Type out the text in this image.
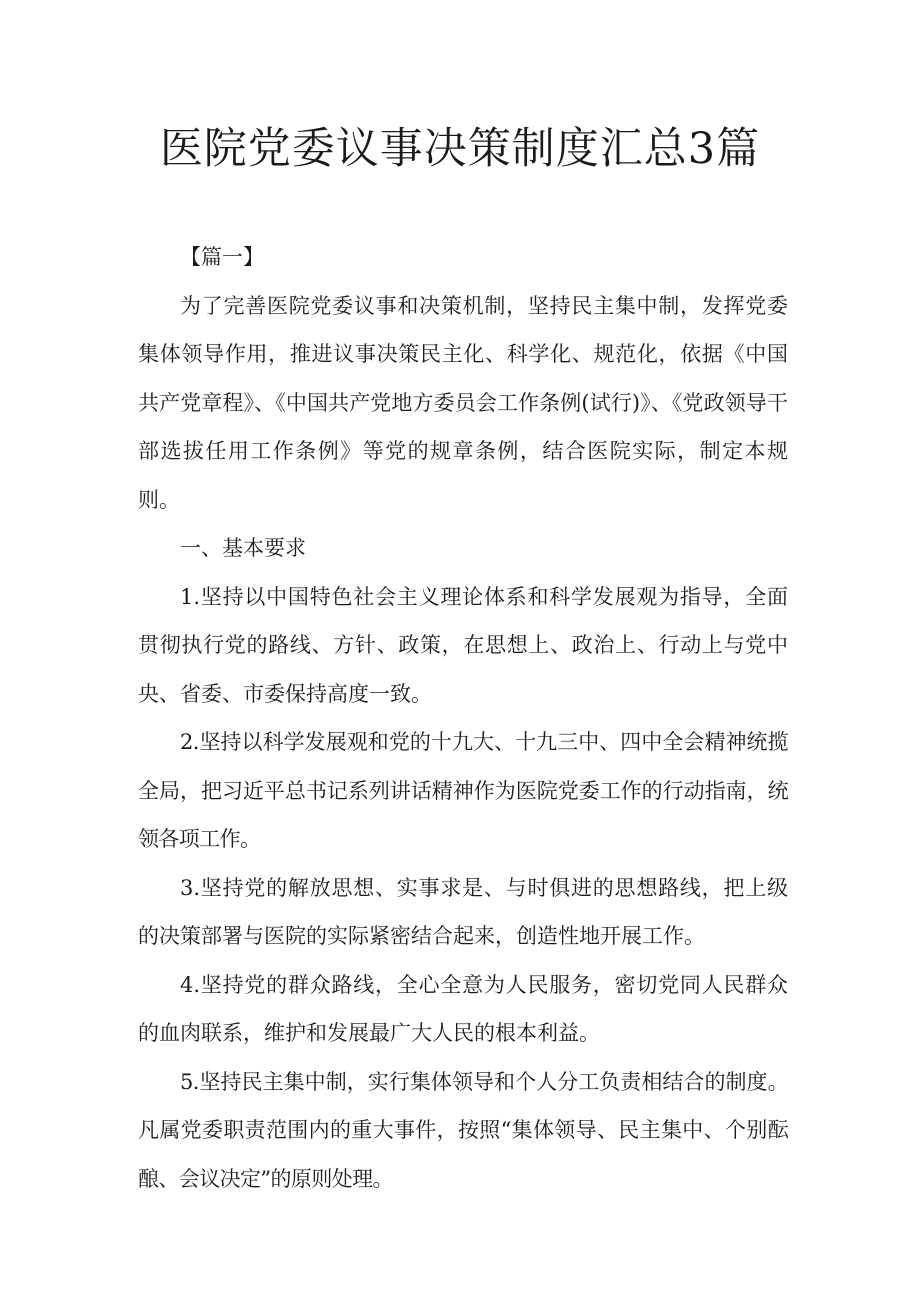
医院党委议事决策制度汇总3篇

【篇一】

为了完善医院党委议事和决策机制，坚持民主集中制，发挥党委集体领导作用，推进议事决策民主化、科学化、规范化，依据《中国共产党章程》、《中国共产党地方委员会工作条例(试行)》、《党政领导干部选拔任用工作条例》等党的规章条例，结合医院实际，制定本规则。

一、基本要求

1.坚持以中国特色社会主义理论体系和科学发展观为指导，全面贯彻执行党的路线、方针、政策，在思想上、政治上、行动上与党中央、省委、市委保持高度一致。

2.坚持以科学发展观和党的十九大、十九三中、四中全会精神统揽全局，把习近平总书记系列讲话精神作为医院党委工作的行动指南，统领各项工作。

3.坚持党的解放思想、实事求是、与时俱进的思想路线，把上级的决策部署与医院的实际紧密结合起来，创造性地开展工作。

4.坚持党的群众路线，全心全意为人民服务，密切党同人民群众的血肉联系，维护和发展最广大人民的根本利益。

5.坚持民主集中制，实行集体领导和个人分工负责相结合的制度。凡属党委职责范围内的重大事件，按照“集体领导、民主集中、个别酝酿、会议决定”的原则处理。
